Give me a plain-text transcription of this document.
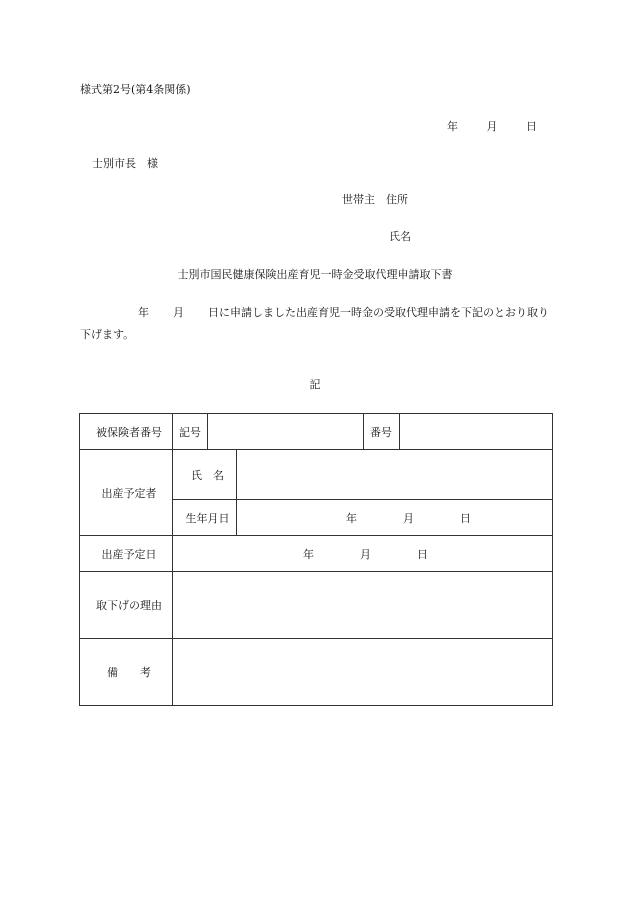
様式第2号(第4条関係)
年	月	日
士別市長　様
世帯主　住所
氏名
士別市国民健康保険出産育児一時金受取代理申請取下書
年 月 日に申請しました出産育児一時金の受取代理申請を下記のとおり取り下げます。
記
被保険者番号	記号			番号	
出産予定者	氏　名				
	生年月日		年 月 日		
出産予定日	年 月 日				
取下げの理由					
備　　考					
